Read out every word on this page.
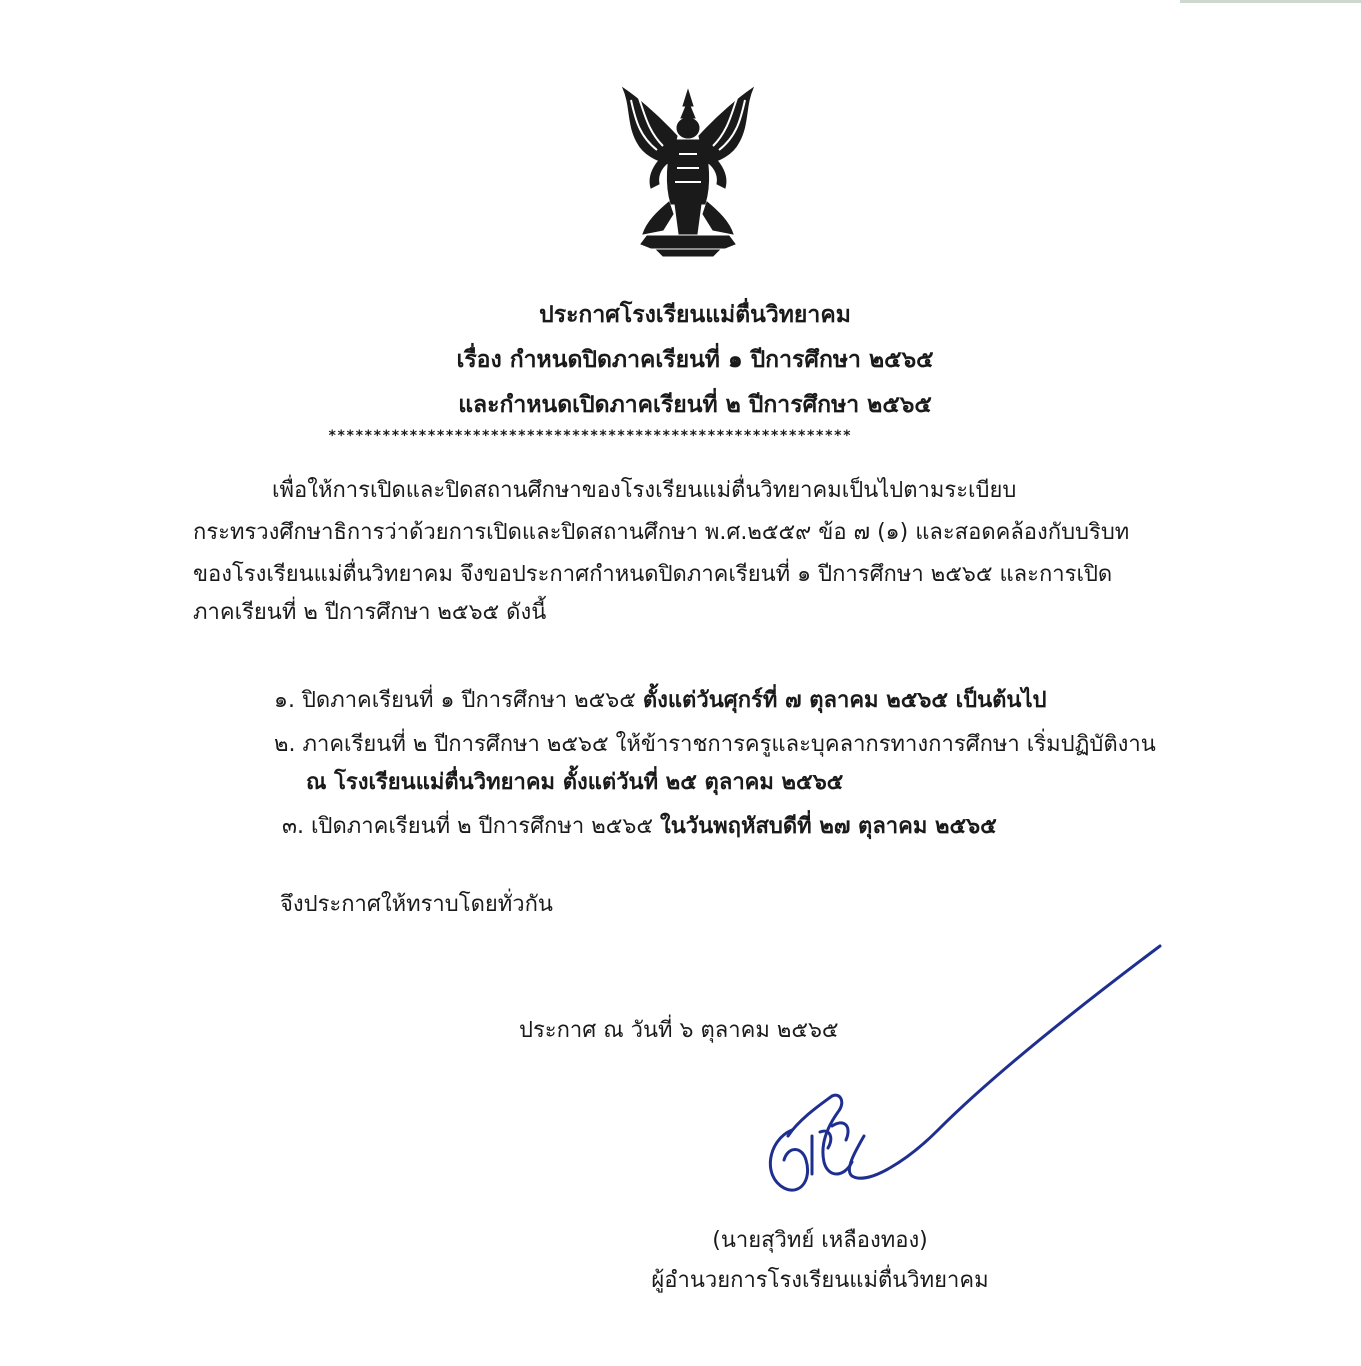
ประกาศโรงเรียนแม่ตื่นวิทยาคม
เรื่อง กำหนดปิดภาคเรียนที่ ๑ ปีการศึกษา ๒๕๖๕
และกำหนดเปิดภาคเรียนที่ ๒ ปีการศึกษา ๒๕๖๕
**********************************************************
เพื่อให้การเปิดและปิดสถานศึกษาของโรงเรียนแม่ตื่นวิทยาคมเป็นไปตามระเบียบ
กระทรวงศึกษาธิการว่าด้วยการเปิดและปิดสถานศึกษา พ.ศ.๒๕๕๙ ข้อ ๗ (๑) และสอดคล้องกับบริบท
ของโรงเรียนแม่ตื่นวิทยาคม จึงขอประกาศกำหนดปิดภาคเรียนที่ ๑ ปีการศึกษา ๒๕๖๕ และการเปิด
ภาคเรียนที่ ๒ ปีการศึกษา ๒๕๖๕ ดังนี้
๑. ปิดภาคเรียนที่ ๑ ปีการศึกษา ๒๕๖๕ ตั้งแต่วันศุกร์ที่ ๗ ตุลาคม ๒๕๖๕ เป็นต้นไป
๒. ภาคเรียนที่ ๒ ปีการศึกษา ๒๕๖๕ ให้ข้าราชการครูและบุคลากรทางการศึกษา เริ่มปฏิบัติงาน
ณ โรงเรียนแม่ตื่นวิทยาคม ตั้งแต่วันที่ ๒๕ ตุลาคม ๒๕๖๕
๓. เปิดภาคเรียนที่ ๒ ปีการศึกษา ๒๕๖๕ ในวันพฤหัสบดีที่ ๒๗ ตุลาคม ๒๕๖๕
จึงประกาศให้ทราบโดยทั่วกัน
ประกาศ ณ วันที่ ๖ ตุลาคม ๒๕๖๕
(นายสุวิทย์ เหลืองทอง)
ผู้อำนวยการโรงเรียนแม่ตื่นวิทยาคม
